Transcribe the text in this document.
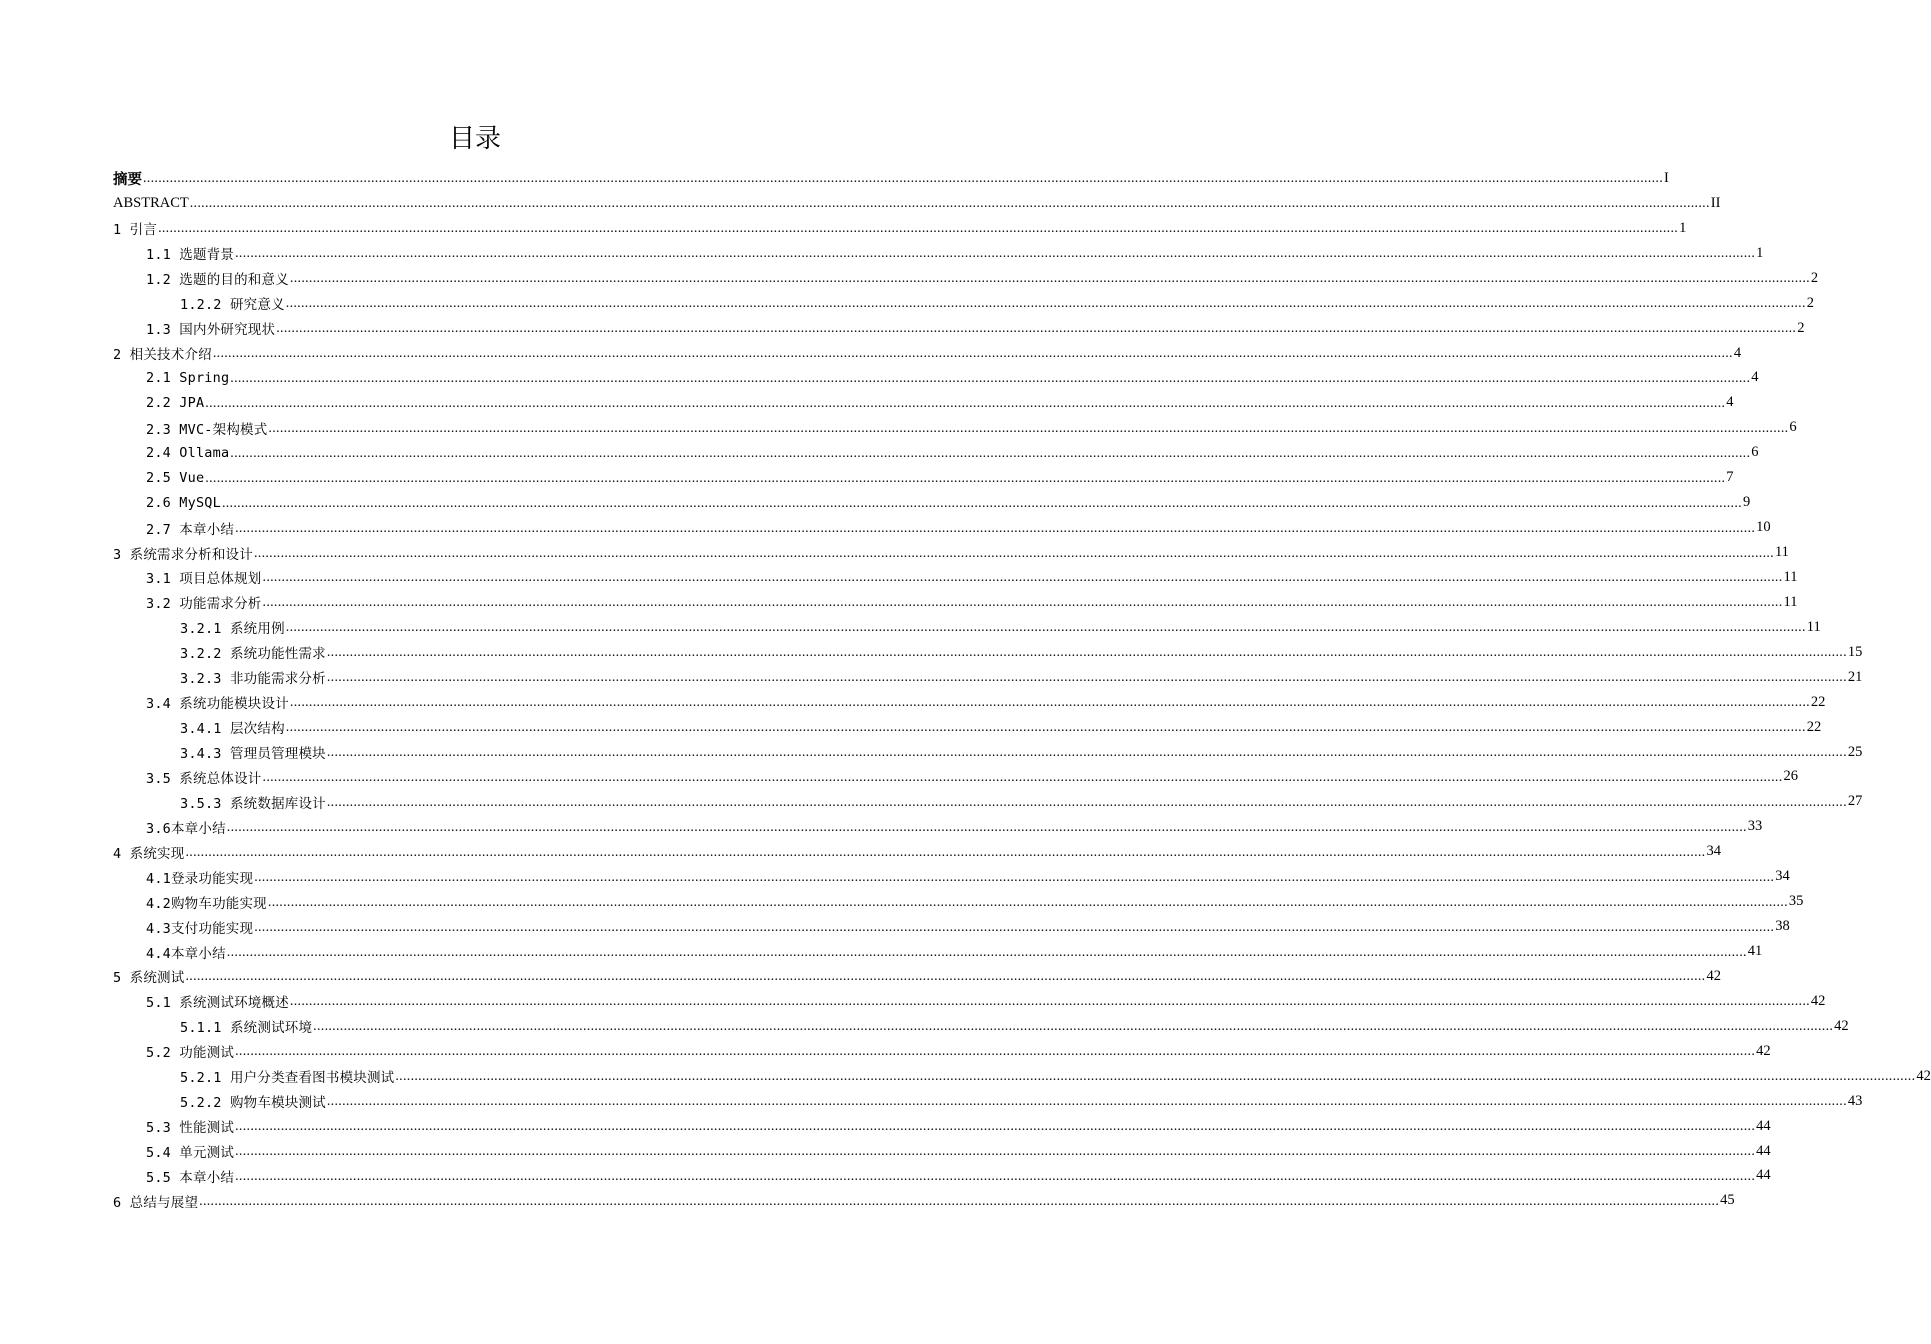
目录
摘要 ................................................................................................................................................................................................................................................................................................................................................................................................................ I
ABSTRACT ................................................................................................................................................................................................................................................................................................................................................................................................................ II
1 引言 ................................................................................................................................................................................................................................................................................................................................................................................................................ 1
1.1 选题背景 ................................................................................................................................................................................................................................................................................................................................................................................................................ 1
1.2 选题的目的和意义 ................................................................................................................................................................................................................................................................................................................................................................................................................ 2
1.2.2 研究意义 ................................................................................................................................................................................................................................................................................................................................................................................................................ 2
1.3 国内外研究现状 ................................................................................................................................................................................................................................................................................................................................................................................................................ 2
2 相关技术介绍 ................................................................................................................................................................................................................................................................................................................................................................................................................ 4
2.1 Spring ................................................................................................................................................................................................................................................................................................................................................................................................................ 4
2.2 JPA ................................................................................................................................................................................................................................................................................................................................................................................................................ 4
2.3 MVC-架构模式 ................................................................................................................................................................................................................................................................................................................................................................................................................ 6
2.4 Ollama ................................................................................................................................................................................................................................................................................................................................................................................................................ 6
2.5 Vue ................................................................................................................................................................................................................................................................................................................................................................................................................ 7
2.6 MySQL ................................................................................................................................................................................................................................................................................................................................................................................................................ 9
2.7 本章小结 ................................................................................................................................................................................................................................................................................................................................................................................................................ 10
3 系统需求分析和设计 ................................................................................................................................................................................................................................................................................................................................................................................................................ 11
3.1 项目总体规划 ................................................................................................................................................................................................................................................................................................................................................................................................................ 11
3.2 功能需求分析 ................................................................................................................................................................................................................................................................................................................................................................................................................ 11
3.2.1 系统用例 ................................................................................................................................................................................................................................................................................................................................................................................................................ 11
3.2.2 系统功能性需求 ................................................................................................................................................................................................................................................................................................................................................................................................................ 15
3.2.3 非功能需求分析 ................................................................................................................................................................................................................................................................................................................................................................................................................ 21
3.4 系统功能模块设计 ................................................................................................................................................................................................................................................................................................................................................................................................................ 22
3.4.1 层次结构 ................................................................................................................................................................................................................................................................................................................................................................................................................ 22
3.4.3 管理员管理模块 ................................................................................................................................................................................................................................................................................................................................................................................................................ 25
3.5 系统总体设计 ................................................................................................................................................................................................................................................................................................................................................................................................................ 26
3.5.3 系统数据库设计 ................................................................................................................................................................................................................................................................................................................................................................................................................ 27
3.6本章小结 ................................................................................................................................................................................................................................................................................................................................................................................................................ 33
4 系统实现 ................................................................................................................................................................................................................................................................................................................................................................................................................ 34
4.1登录功能实现 ................................................................................................................................................................................................................................................................................................................................................................................................................ 34
4.2购物车功能实现 ................................................................................................................................................................................................................................................................................................................................................................................................................ 35
4.3支付功能实现 ................................................................................................................................................................................................................................................................................................................................................................................................................ 38
4.4本章小结 ................................................................................................................................................................................................................................................................................................................................................................................................................ 41
5 系统测试 ................................................................................................................................................................................................................................................................................................................................................................................................................ 42
5.1 系统测试环境概述 ................................................................................................................................................................................................................................................................................................................................................................................................................ 42
5.1.1 系统测试环境 ................................................................................................................................................................................................................................................................................................................................................................................................................ 42
5.2 功能测试 ................................................................................................................................................................................................................................................................................................................................................................................................................ 42
5.2.1 用户分类查看图书模块测试 ................................................................................................................................................................................................................................................................................................................................................................................................................ 42
5.2.2 购物车模块测试 ................................................................................................................................................................................................................................................................................................................................................................................................................ 43
5.3 性能测试 ................................................................................................................................................................................................................................................................................................................................................................................................................ 44
5.4 单元测试 ................................................................................................................................................................................................................................................................................................................................................................................................................ 44
5.5 本章小结 ................................................................................................................................................................................................................................................................................................................................................................................................................ 44
6 总结与展望 ................................................................................................................................................................................................................................................................................................................................................................................................................ 45
